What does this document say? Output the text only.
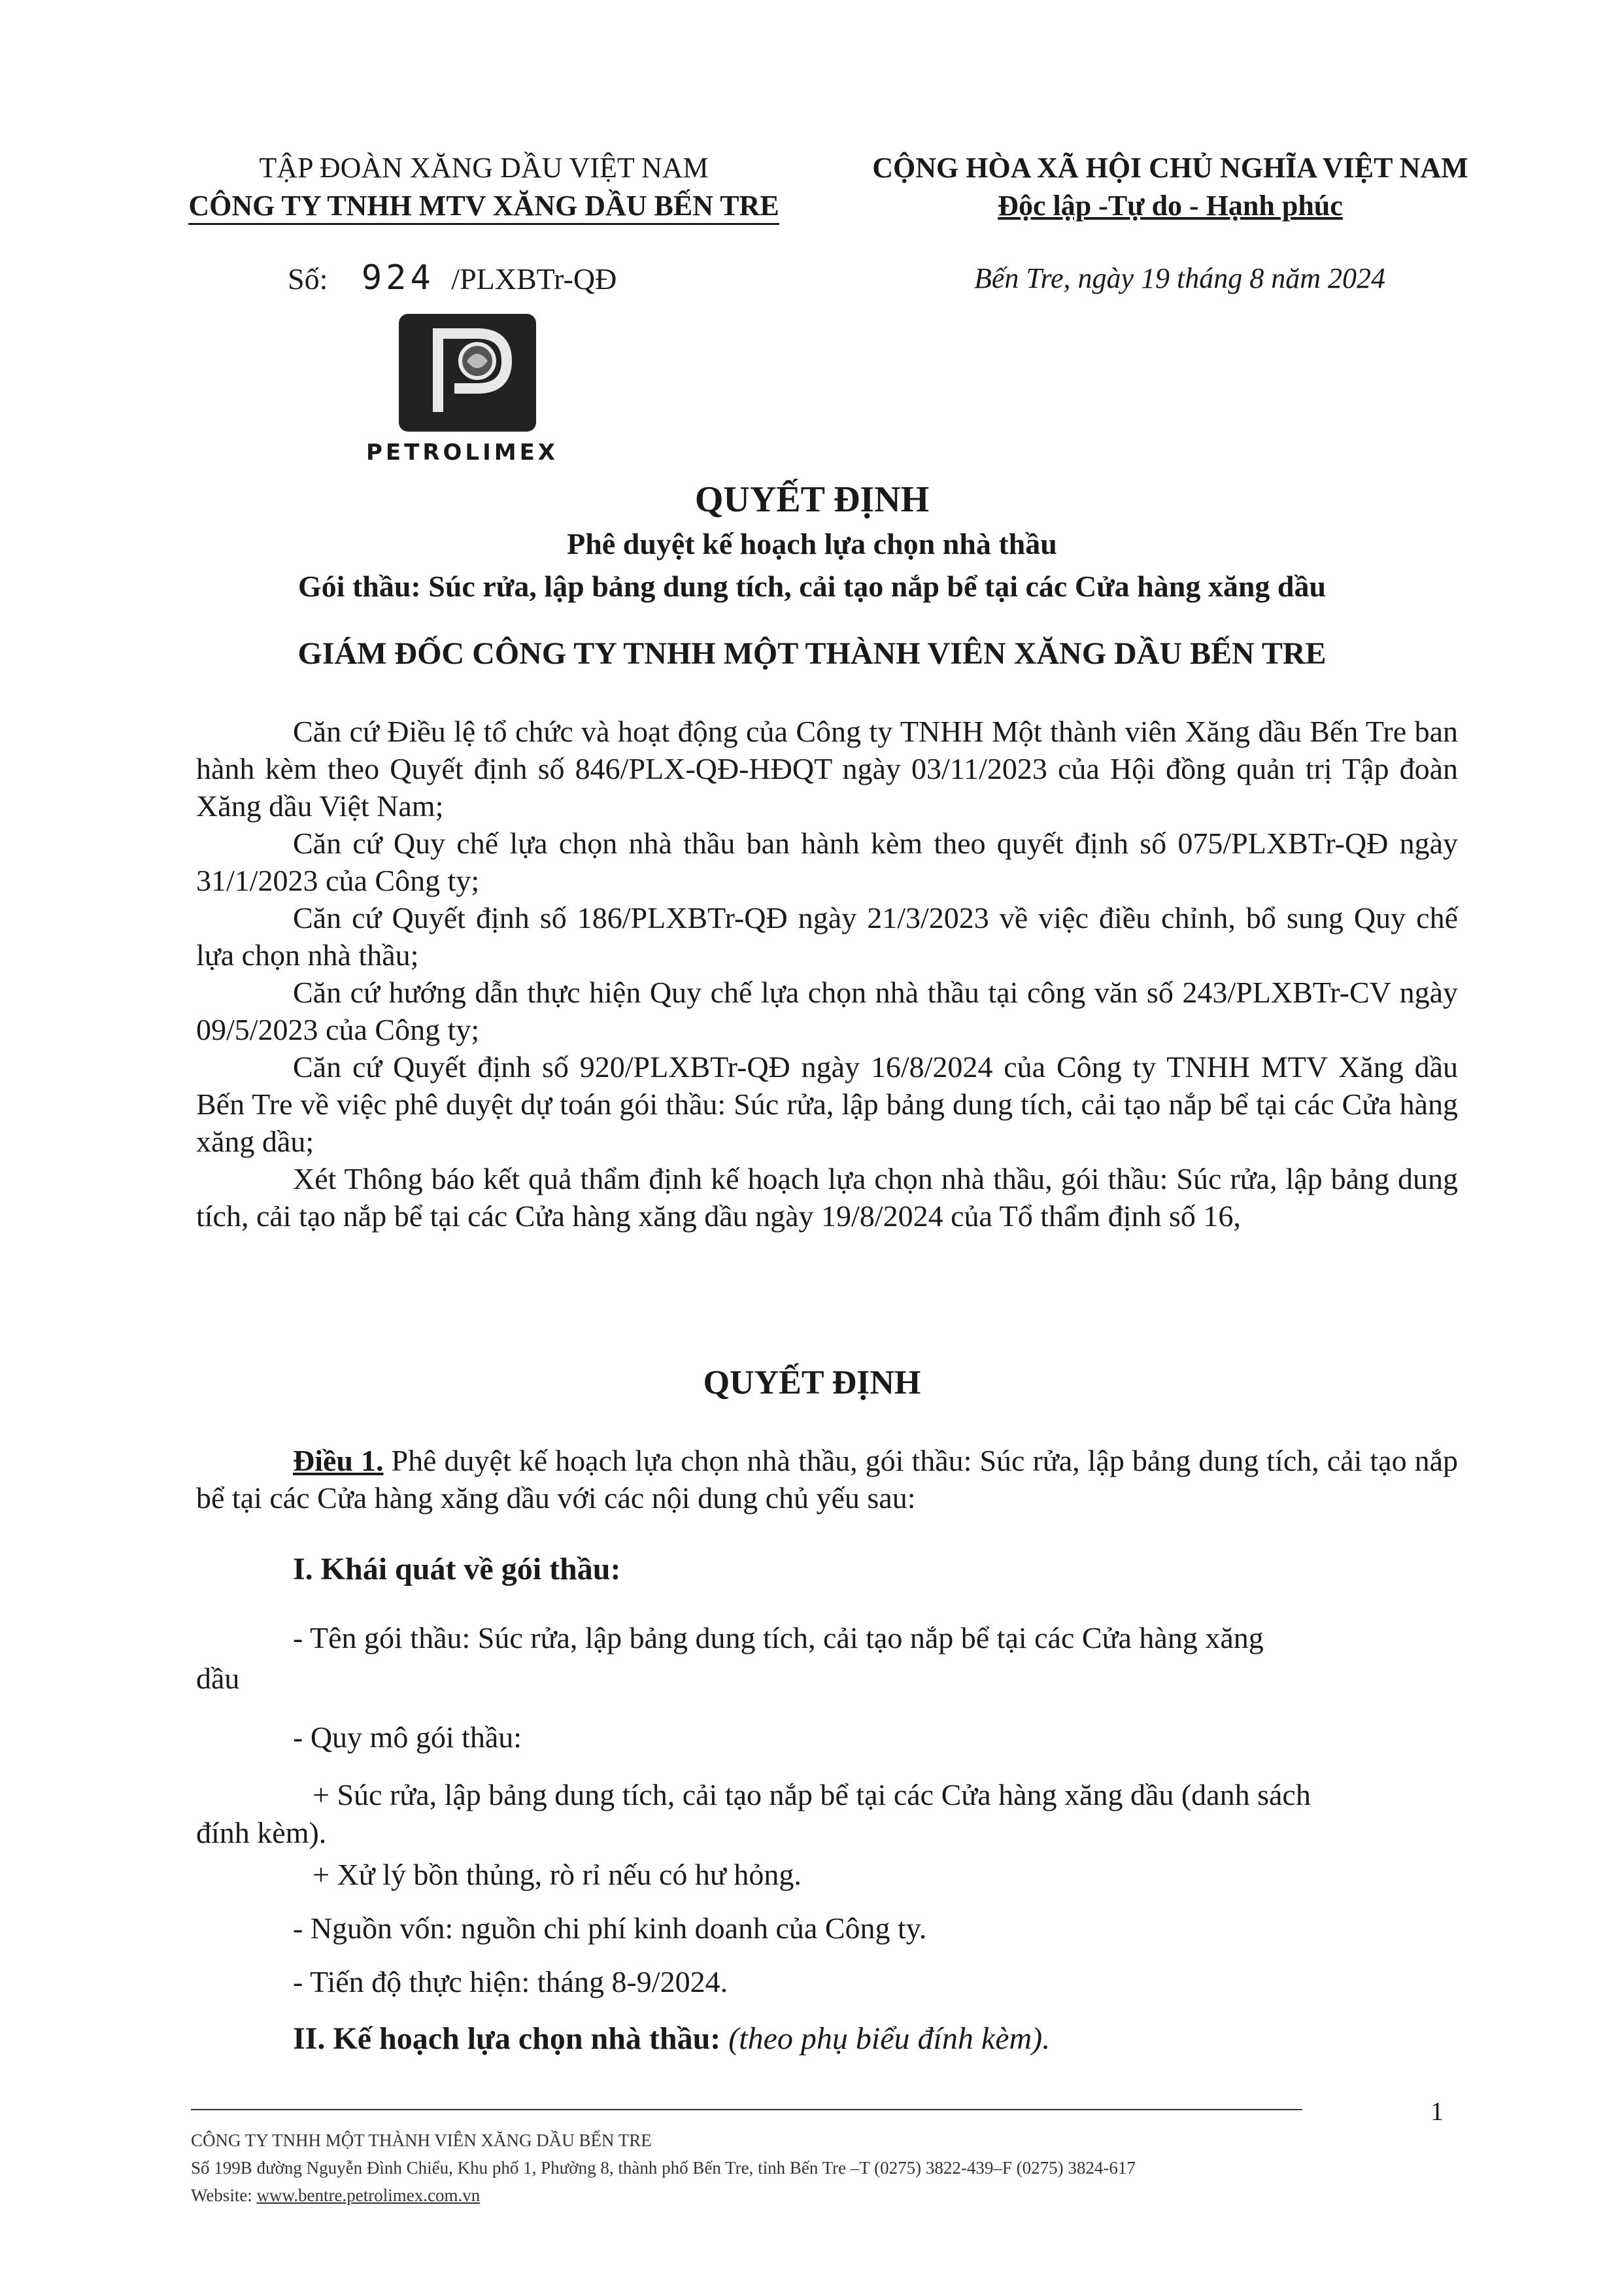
TẬP ĐOÀN XĂNG DẦU VIỆT NAM
CÔNG TY TNHH MTV XĂNG DẦU BẾN TRE
CỘNG HÒA XÃ HỘI CHỦ NGHĨA VIỆT NAM
Độc lập -Tự do - Hạnh phúc
Số: 924 /PLXBTr-QĐ	Bến Tre, ngày 19 tháng 8 năm 2024
PETROLIMEX
QUYẾT ĐỊNH
Phê duyệt kế hoạch lựa chọn nhà thầu
Gói thầu: Súc rửa, lập bảng dung tích, cải tạo nắp bể tại các Cửa hàng xăng dầu
GIÁM ĐỐC CÔNG TY TNHH MỘT THÀNH VIÊN XĂNG DẦU BẾN TRE

Căn cứ Điều lệ tổ chức và hoạt động của Công ty TNHH Một thành viên Xăng dầu Bến Tre ban hành kèm theo Quyết định số 846/PLX-QĐ-HĐQT ngày 03/11/2023 của Hội đồng quản trị Tập đoàn Xăng dầu Việt Nam;

Căn cứ Quy chế lựa chọn nhà thầu ban hành kèm theo quyết định số 075/PLXBTr-QĐ ngày 31/1/2023 của Công ty;

Căn cứ Quyết định số 186/PLXBTr-QĐ ngày 21/3/2023 về việc điều chỉnh, bổ sung Quy chế lựa chọn nhà thầu;

Căn cứ hướng dẫn thực hiện Quy chế lựa chọn nhà thầu tại công văn số 243/PLXBTr-CV ngày 09/5/2023 của Công ty;

Căn cứ Quyết định số 920/PLXBTr-QĐ ngày 16/8/2024 của Công ty TNHH MTV Xăng dầu Bến Tre về việc phê duyệt dự toán gói thầu: Súc rửa, lập bảng dung tích, cải tạo nắp bể tại các Cửa hàng xăng dầu;

Xét Thông báo kết quả thẩm định kế hoạch lựa chọn nhà thầu, gói thầu: Súc rửa, lập bảng dung tích, cải tạo nắp bể tại các Cửa hàng xăng dầu ngày 19/8/2024 của Tổ thẩm định số 16,

QUYẾT ĐỊNH

Điều 1. Phê duyệt kế hoạch lựa chọn nhà thầu, gói thầu: Súc rửa, lập bảng dung tích, cải tạo nắp bể tại các Cửa hàng xăng dầu với các nội dung chủ yếu sau:

I. Khái quát về gói thầu:
- Tên gói thầu: Súc rửa, lập bảng dung tích, cải tạo nắp bể tại các Cửa hàng xăng
dầu
- Quy mô gói thầu:
+ Súc rửa, lập bảng dung tích, cải tạo nắp bể tại các Cửa hàng xăng dầu (danh sách
đính kèm).
+ Xử lý bồn thủng, rò rỉ nếu có hư hỏng.
- Nguồn vốn: nguồn chi phí kinh doanh của Công ty.
- Tiến độ thực hiện: tháng 8-9/2024.
II. Kế hoạch lựa chọn nhà thầu: (theo phụ biểu đính kèm).
1
CÔNG TY TNHH MỘT THÀNH VIÊN XĂNG DẦU BẾN TRE
Số 199B đường Nguyễn Đình Chiểu, Khu phố 1, Phường 8, thành phố Bến Tre, tỉnh Bến Tre –T (0275) 3822-439–F (0275) 3824-617
Website: www.bentre.petrolimex.com.vn
